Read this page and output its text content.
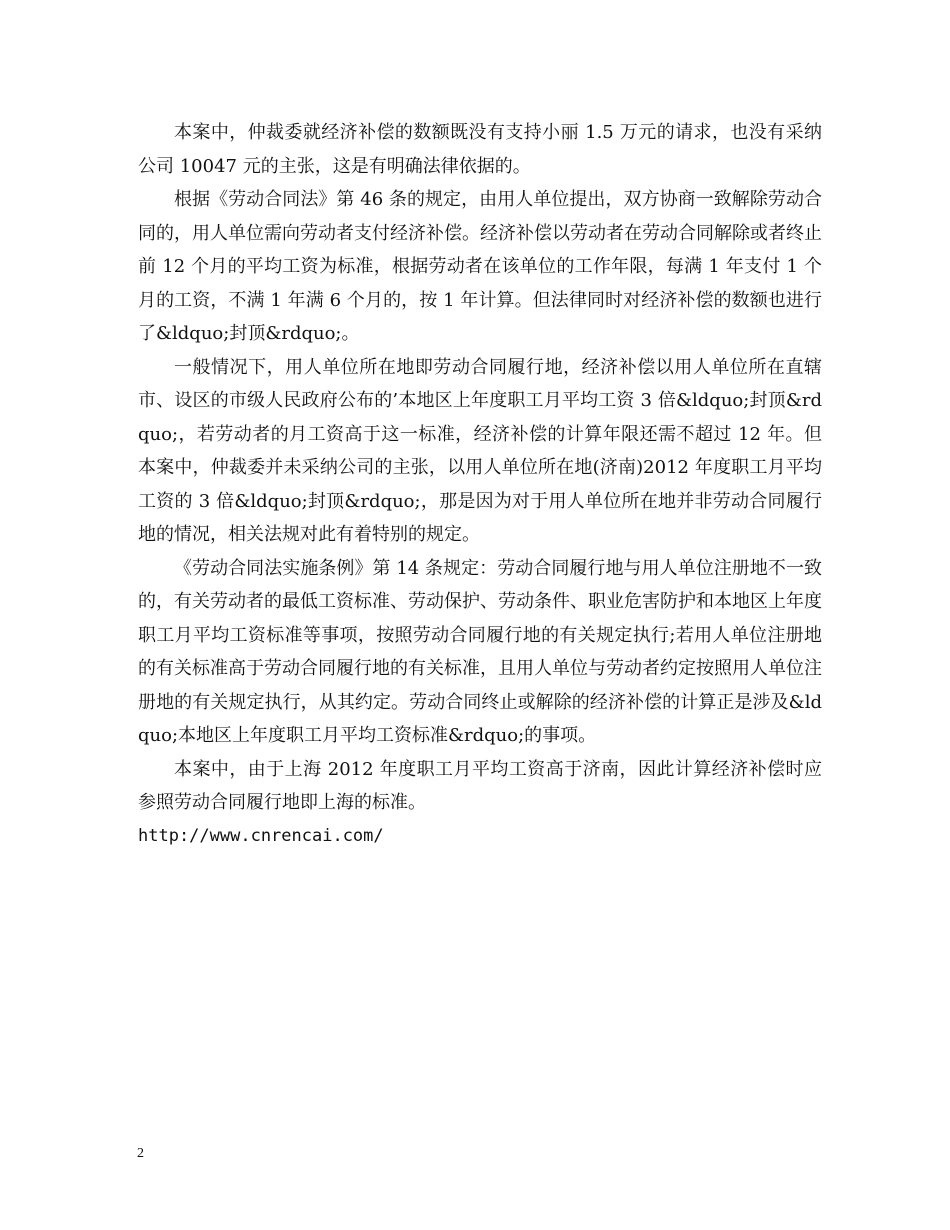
本案中，仲裁委就经济补偿的数额既没有支持小丽 1.5 万元的请求，也没有采纳公司 10047 元的主张，这是有明确法律依据的。

根据《劳动合同法》第 46 条的规定，由用人单位提出，双方协商一致解除劳动合同的，用人单位需向劳动者支付经济补偿。经济补偿以劳动者在劳动合同解除或者终止前 12 个月的平均工资为标准，根据劳动者在该单位的工作年限，每满 1 年支付 1 个月的工资，不满 1 年满 6 个月的，按 1 年计算。但法律同时对经济补偿的数额也进行了&ldquo;封顶&rdquo;。

一般情况下，用人单位所在地即劳动合同履行地，经济补偿以用人单位所在直辖市、设区的市级人民政府公布的’本地区上年度职工月平均工资 3 倍&ldquo;封顶&rdquo;，若劳动者的月工资高于这一标准，经济补偿的计算年限还需不超过 12 年。但本案中，仲裁委并未采纳公司的主张，以用人单位所在地(济南)2012 年度职工月平均工资的 3 倍&ldquo;封顶&rdquo;，那是因为对于用人单位所在地并非劳动合同履行地的情况，相关法规对此有着特别的规定。

《劳动合同法实施条例》第 14 条规定：劳动合同履行地与用人单位注册地不一致的，有关劳动者的最低工资标准、劳动保护、劳动条件、职业危害防护和本地区上年度职工月平均工资标准等事项，按照劳动合同履行地的有关规定执行;若用人单位注册地的有关标准高于劳动合同履行地的有关标准，且用人单位与劳动者约定按照用人单位注册地的有关规定执行，从其约定。劳动合同终止或解除的经济补偿的计算正是涉及&ldquo;本地区上年度职工月平均工资标准&rdquo;的事项。

本案中，由于上海 2012 年度职工月平均工资高于济南，因此计算经济补偿时应参照劳动合同履行地即上海的标准。

http://www.cnrencai.com/

2
